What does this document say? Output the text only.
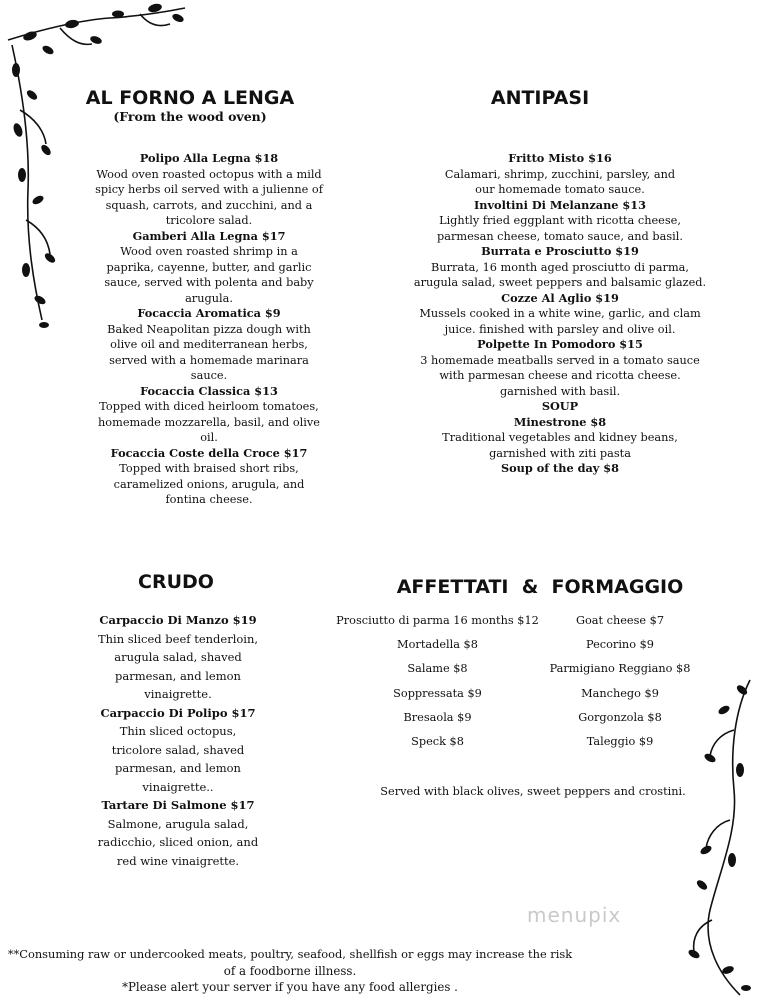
AL FORNO A LENGA
(From the wood oven)
Polipo Alla Legna $18
Wood oven roasted octopus with a mild spicy herbs oil served with a julienne of squash, carrots, and zucchini, and a tricolore salad.
Gamberi Alla Legna $17
Wood oven roasted shrimp in a paprika, cayenne, butter, and garlic sauce, served with polenta and baby arugula.
Focaccia Aromatica $9
Baked Neapolitan pizza dough with olive oil and mediterranean herbs, served with a homemade marinara sauce.
Focaccia Classica $13
Topped with diced heirloom tomatoes, homemade mozzarella, basil, and olive oil.
Focaccia Coste della Croce $17
Topped with braised short ribs, caramelized onions, arugula, and fontina cheese.
ANTIPASI
Fritto Misto $16
Calamari, shrimp, zucchini, parsley, and our homemade tomato sauce.
Involtini Di Melanzane $13
Lightly fried eggplant with ricotta cheese, parmesan cheese, tomato sauce, and basil.
Burrata e Prosciutto $19
Burrata, 16 month aged prosciutto di parma, arugula salad, sweet peppers and balsamic glazed.
Cozze Al Aglio $19
Mussels cooked in a white wine, garlic, and clam juice. finished with parsley and olive oil.
Polpette In Pomodoro $15
3 homemade meatballs served in a tomato sauce with parmesan cheese and ricotta cheese. garnished with basil.
SOUP
Minestrone $8
Traditional vegetables and kidney beans, garnished with ziti pasta
Soup of the day $8
CRUDO
Carpaccio Di Manzo $19
Thin sliced beef tenderloin, arugula salad, shaved parmesan, and lemon vinaigrette.
Carpaccio Di Polipo $17
Thin sliced octopus, tricolore salad, shaved parmesan, and lemon vinaigrette..
Tartare Di Salmone $17
Salmone, arugula salad, radicchio, sliced onion, and red wine vinaigrette.
AFFETTATI  &  FORMAGGIO
Prosciutto di parma 16 months $12
Mortadella $8
Salame $8
Soppressata $9
Bresaola $9
Speck $8
Goat cheese $7
Pecorino $9
Parmigiano Reggiano $8
Manchego $9
Gorgonzola $8
Taleggio $9
Served with black olives, sweet peppers and crostini.
menupix
**Consuming raw or undercooked meats, poultry, seafood, shellfish or eggs may increase the risk
of a foodborne illness.
*Please alert your server if you have any food allergies .
